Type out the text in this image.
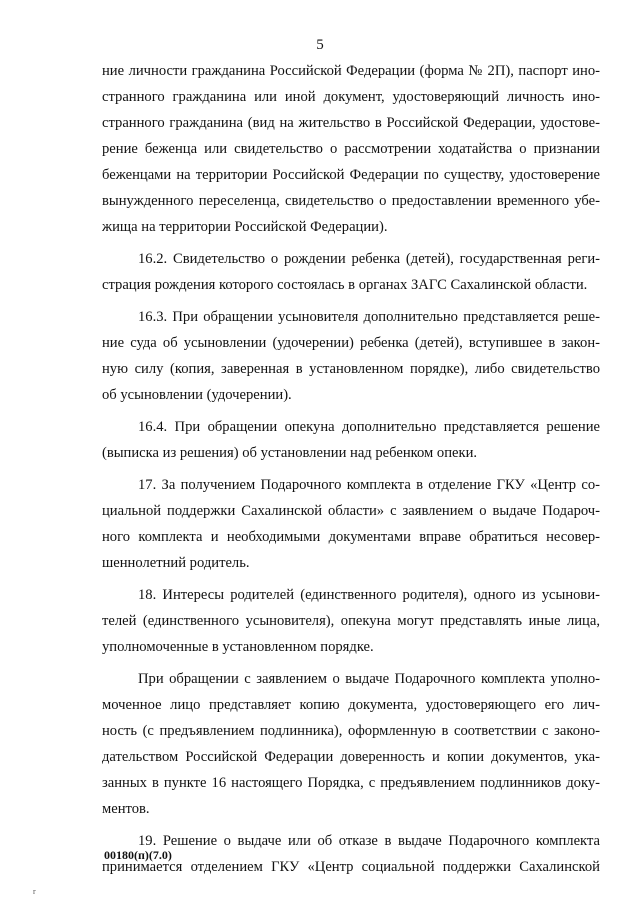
5

ние личности гражданина Российской Федерации (форма № 2П), паспорт ино-
странного гражданина или иной документ, удостоверяющий личность ино-
странного гражданина (вид на жительство в Российской Федерации, удостове-
рение беженца или свидетельство о рассмотрении ходатайства о признании
беженцами на территории Российской Федерации по существу, удостоверение
вынужденного переселенца, свидетельство о предоставлении временного убе-
жища на территории Российской Федерации).

16.2. Свидетельство о рождении ребенка (детей), государственная реги-
страция рождения которого состоялась в органах ЗАГС Сахалинской области.

16.3. При обращении усыновителя дополнительно представляется реше-
ние суда об усыновлении (удочерении) ребенка (детей), вступившее в закон-
ную силу (копия, заверенная в установленном порядке), либо свидетельство
об усыновлении (удочерении).

16.4. При обращении опекуна дополнительно представляется решение
(выписка из решения) об установлении над ребенком опеки.

17. За получением Подарочного комплекта в отделение ГКУ «Центр со-
циальной поддержки Сахалинской области» с заявлением о выдаче Подароч-
ного комплекта и необходимыми документами вправе обратиться несовер-
шеннолетний родитель.

18. Интересы родителей (единственного родителя), одного из усынови-
телей (единственного усыновителя), опекуна могут представлять иные лица,
уполномоченные в установленном порядке.

При обращении с заявлением о выдаче Подарочного комплекта уполно-
моченное лицо представляет копию документа, удостоверяющего его лич-
ность (с предъявлением подлинника), оформленную в соответствии с законо-
дательством Российской Федерации доверенность и копии документов, ука-
занных в пункте 16 настоящего Порядка, с предъявлением подлинников доку-
ментов.

19. Решение о выдаче или об отказе в выдаче Подарочного комплекта
принимается отделением ГКУ «Центр социальной поддержки Сахалинской

00180(п)(7.0)
r
